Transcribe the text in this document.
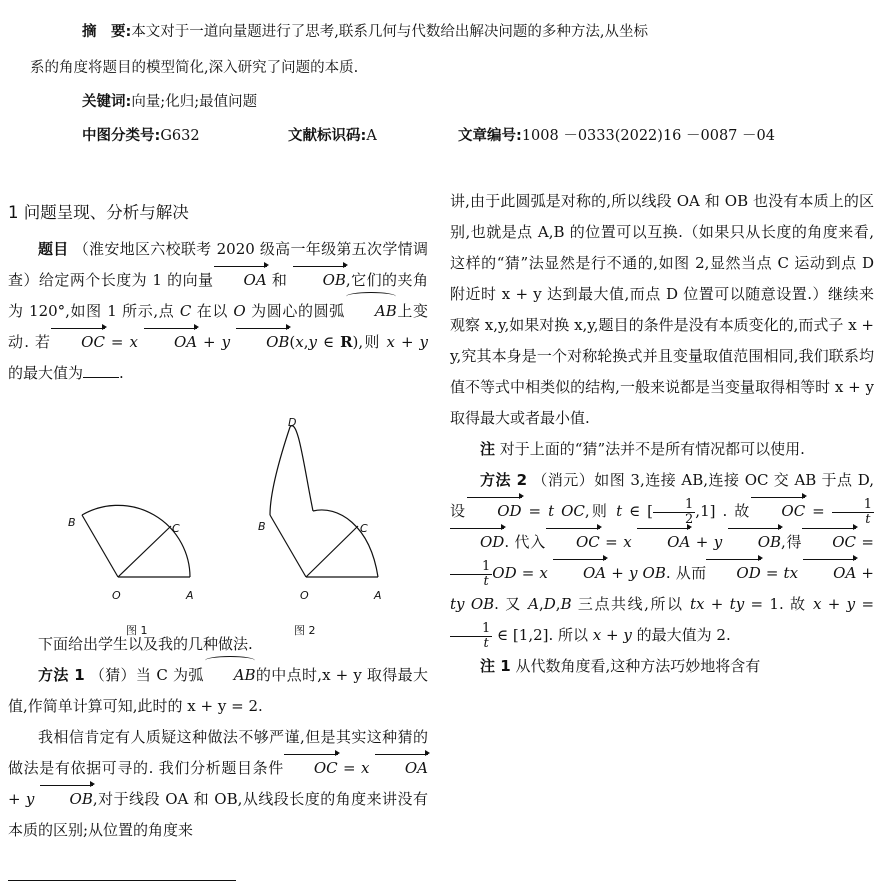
摘　要:本文对于一道向量题进行了思考,联系几何与代数给出解决问题的多种方法,从坐标
系的角度将题目的模型简化,深入研究了问题的本质.
关键词:向量;化归;最值问题
中图分类号:G632	文献标识码:A	文章编号:1008 －0333(2022)16 －0087 －04
1 问题呈现、分析与解决

题目 （淮安地区六校联考 2020 级高一年级第五次学情调查）给定两个长度为 1 的向量 OA 和 OB,它们的夹角为 120°,如图 1 所示,点 C 在以 O 为圆心的圆弧 AB上变动. 若 OC = x OA + y OB(x,y ∈ R),则 x + y 的最大值为 .

B	C
O	A
D
B	C
O	A
图 1	图 2

下面给出学生以及我的几种做法.

方法 1 （猜）当 C 为弧 AB的中点时,x + y 取得最大值,作简单计算可知,此时的 x + y = 2.

我相信肯定有人质疑这种做法不够严谨,但是其实这种猜的做法是有依据可寻的. 我们分析题目条件 OC = x OA + y OB,对于线段 OA 和 OB,从线段长度的角度来讲没有本质的区别;从位置的角度来

讲,由于此圆弧是对称的,所以线段 OA 和 OB 也没有本质上的区别,也就是点 A,B 的位置可以互换.（如果只从长度的角度来看,这样的“猜”法显然是行不通的,如图 2,显然当点 C 运动到点 D 附近时 x + y 达到最大值,而点 D 位置可以随意设置.）继续来观察 x,y,如果对换 x,y,题目的条件是没有本质变化的,而式子 x + y,究其本身是一个对称轮换式并且变量取值范围相同,我们联系均值不等式中相类似的结构,一般来说都是当变量取得相等时 x + y 取得最大或者最小值.

注 对于上面的“猜”法并不是所有情况都可以使用.

方法 2 （消元）如图 3,连接 AB,连接 OC 交 AB 于点 D,设 OD = t OC,则 t ∈ [ $\frac{1}{2} ,1$] . 故 OC = $\frac{1}{t}$
OD. 代入 OC = x OA + y OB,得 OC =
$\frac{1}{t}$ OD = x OA + y OB. 从而 OD = tx OA + ty OB. 又 A,D,B 三点共线,所以 tx + ty = 1. 故 x + y =
$\frac{1}{t}$ ∈ [1,2]. 所以 x + y 的最大值为 2.

注 1 从代数角度看,这种方法巧妙地将含有
